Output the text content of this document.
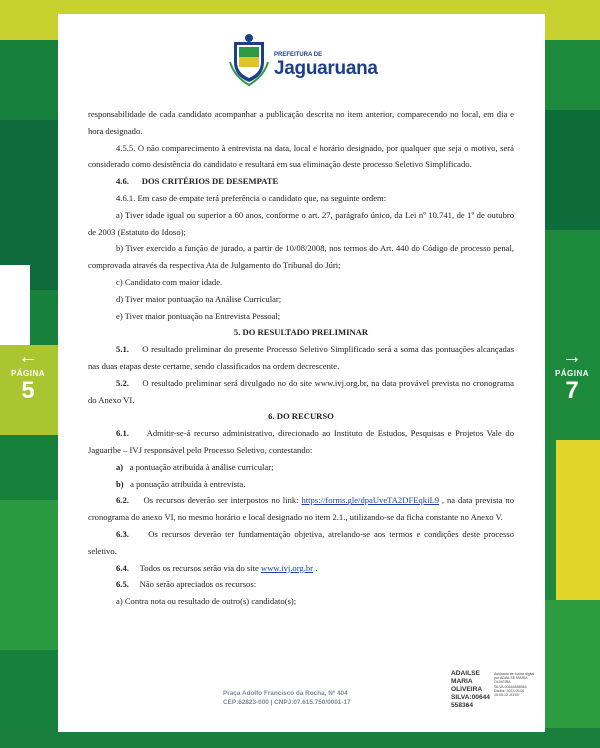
←
PÁGINA
5
→
PÁGINA
7
PREFEITURA DE
Jaguaruana

responsabilidade de cada candidato acompanhar a publicação descrita no item anterior, comparecendo no local, em dia e hora designado.

4.5.5. O não comparecimento à entrevista na data, local e horário designado, por qualquer que seja o motivo, será considerado como desistência do candidato e resultará em sua eliminação deste processo Seletivo Simplificado.

4.6. DOS CRITÉRIOS DE DESEMPATE

4.6.1. Em caso de empate terá preferência o candidato que, na seguinte ordem:

a) Tiver idade igual ou superior a 60 anos, conforme o art. 27, parágrafo único, da Lei nº 10.741, de 1º de outubro de 2003 (Estatuto do Idoso);

b) Tiver exercido a função de jurado, a partir de 10/08/2008, nos termos do Art. 440 do Código de processo penal, comprovada através da respectiva Ata de Julgamento do Tribunal do Júri;

c) Candidato com maior idade.

d) Tiver maior pontuação na Análise Curricular;

e) Tiver maior pontuação na Entrevista Pessoal;

5. DO RESULTADO PRELIMINAR

5.1. O resultado preliminar do presente Processo Seletivo Simplificado será a soma das pontuações alcançadas nas duas etapas deste certame, sendo classificados na ordem decrescente.

5.2. O resultado preliminar será divulgado no do site www.ivj.org.br, na data provável prevista no cronograma do Anexo VI.

6. DO RECURSO

6.1. Admitir-se-á recurso administrativo, direcionado ao Instituto de Estudos, Pesquisas e Projetos Vale do Jaguaribe – IVJ responsável pelo Processo Seletivo, contestando:

a) a pontuação atribuída à análise curricular;

b) a ponuação atribuída à entrevista.

6.2. Os recursos deverão ser interpostos no link: https://forms.gle/dpaUveTA2DFEqkiL9 , na data prevista no cronograma do anexo VI, no mesmo horário e local designado no item 2.1., utilizando-se da ficha constante no Anexo V.

6.3. Os recursos deverão ter fundamentação objetiva, atrelando-se aos termos e condições deste processo seletivo.

6.4. Todos os recursos serão via do site www.ivj.org.br .

6.5. Não serão apreciados os recursos:

a) Contra nota ou resultado de outro(s) candidato(s);

Praça Adolfo Francisco da Rocha, Nº 404
CEP:62823-000 | CNPJ:07.615.750/0001-17
ADAILSE MARIA OLIVEIRA SILVA:00644 558364
Assinado de forma digital por ADAILSE MARIA OLIVEIRA SILVA:00644558364 Dados: 2023.05.05 15:05:12 -03'00'
